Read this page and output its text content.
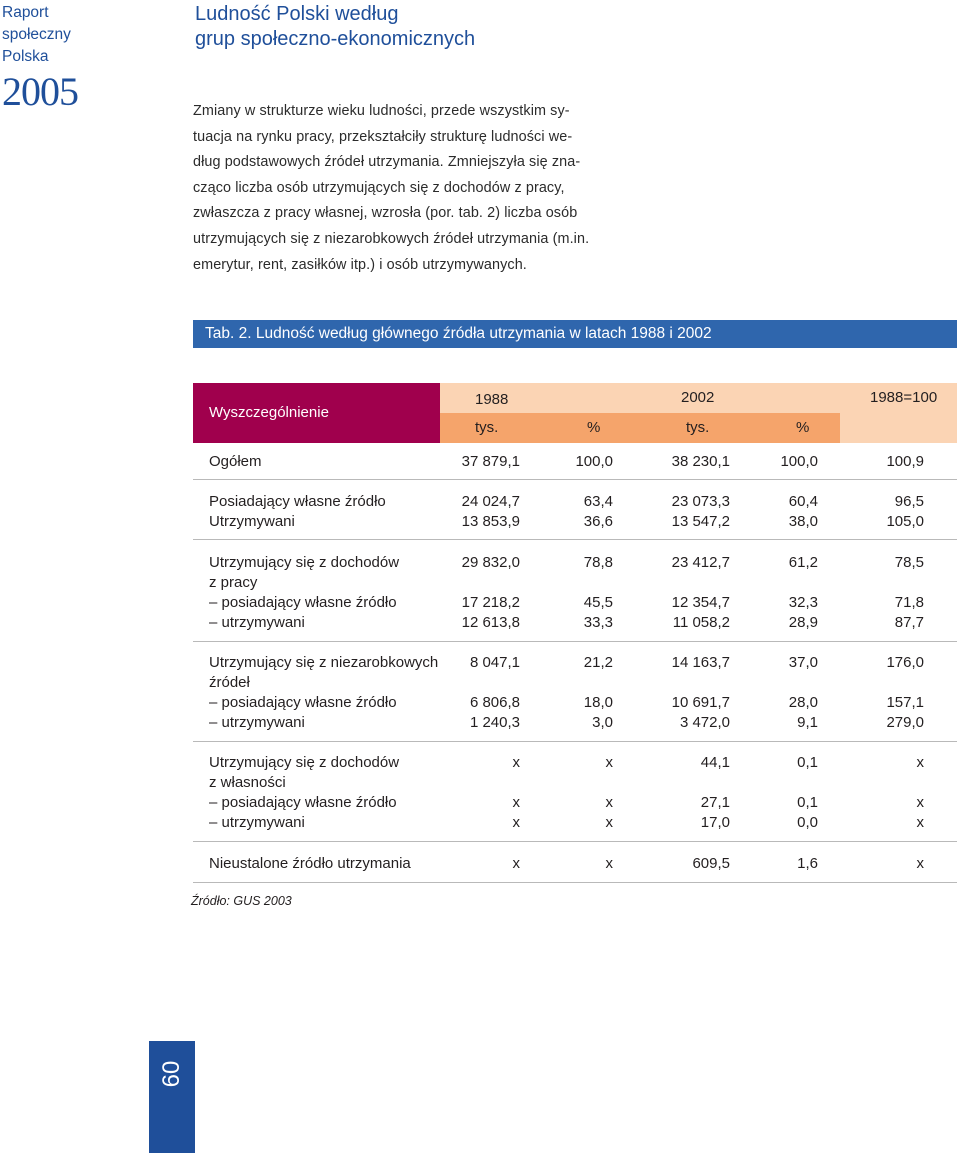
Raport
społeczny
Polska
2005
Ludność Polski według
grup społeczno-ekonomicznych
Zmiany w strukturze wieku ludności, przede wszystkim sy-
tuacja na rynku pracy, przekształciły strukturę ludności we-
dług podstawowych źródeł utrzymania. Zmniejszyła się zna-
cząco liczba osób utrzymujących się z dochodów z pracy,
zwłaszcza z pracy własnej, wzrosła (por. tab. 2) liczba osób
utrzymujących się z niezarobkowych źródeł utrzymania (m.in.
emerytur, rent, zasiłków itp.) i osób utrzymywanych.
Tab. 2. Ludność według głównego źródła utrzymania w latach 1988 i 2002
Wyszczególnienie
1988	2002	1988=100
tys.	%	tys.	%
Ogółem	37 879,1	100,0	38 230,1	100,0	100,9
Posiadający własne źródło	24 024,7	63,4	23 073,3	60,4	96,5
Utrzymywani	13 853,9	36,6	13 547,2	38,0	105,0
Utrzymujący się z dochodów	29 832,0	78,8	23 412,7	61,2	78,5
z pracy
– posiadający własne źródło	17 218,2	45,5	12 354,7	32,3	71,8
– utrzymywani	12 613,8	33,3	11 058,2	28,9	87,7
Utrzymujący się z niezarobkowych 8 047,1	21,2	14 163,7	37,0	176,0
źródeł
– posiadający własne źródło	6 806,8	18,0	10 691,7	28,0	157,1
– utrzymywani	1 240,3	3,0	3 472,0	9,1	279,0
Utrzymujący się z dochodów	x	x	44,1	0,1	x
z własności
– posiadający własne źródło	x	x	27,1	0,1	x
– utrzymywani	x	x	17,0	0,0	x
Nieustalone źródło utrzymania	x	x	609,5	1,6	x
Źródło: GUS 2003
60
